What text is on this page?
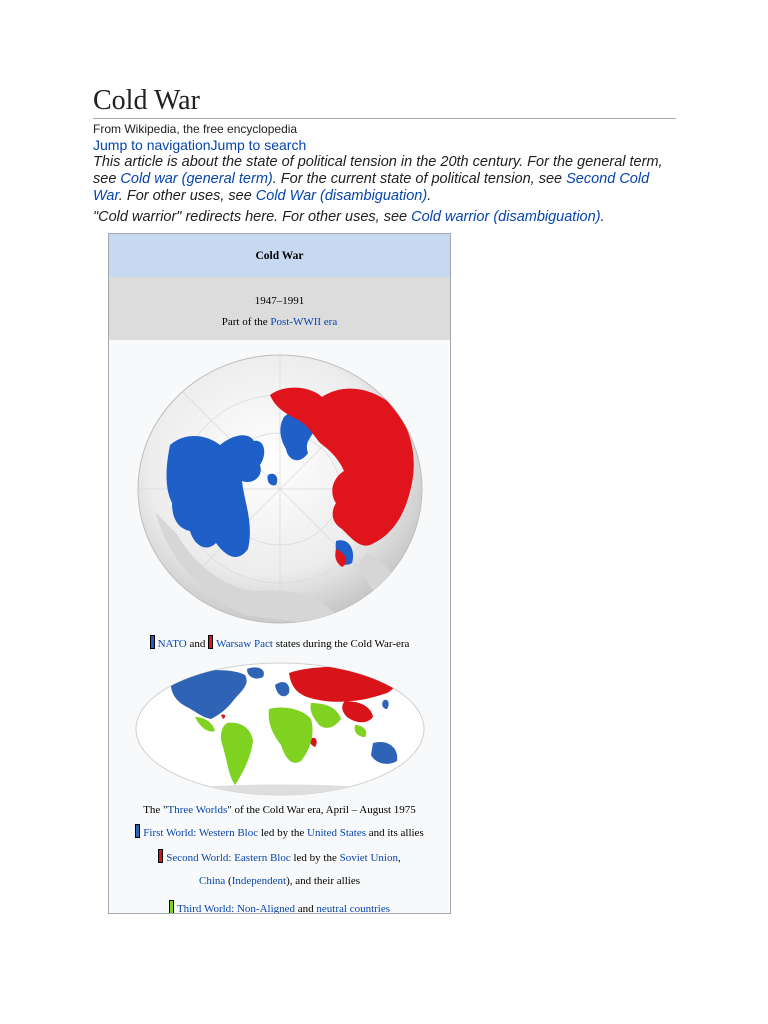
Cold War
From Wikipedia, the free encyclopedia
Jump to navigationJump to search
This article is about the state of political tension in the 20th century. For the general term, see Cold war (general term). For the current state of political tension, see Second Cold War. For other uses, see Cold War (disambiguation).
"Cold warrior" redirects here. For other uses, see Cold warrior (disambiguation).
Cold War
1947–1991
Part of the Post-WWII era
NATO and Warsaw Pact states during the Cold War-era
The "Three Worlds" of the Cold War era, April – August 1975
First World: Western Bloc led by the United States and its allies
Second World: Eastern Bloc led by the Soviet Union, China (Independent), and their allies
Third World: Non-Aligned and neutral countries
